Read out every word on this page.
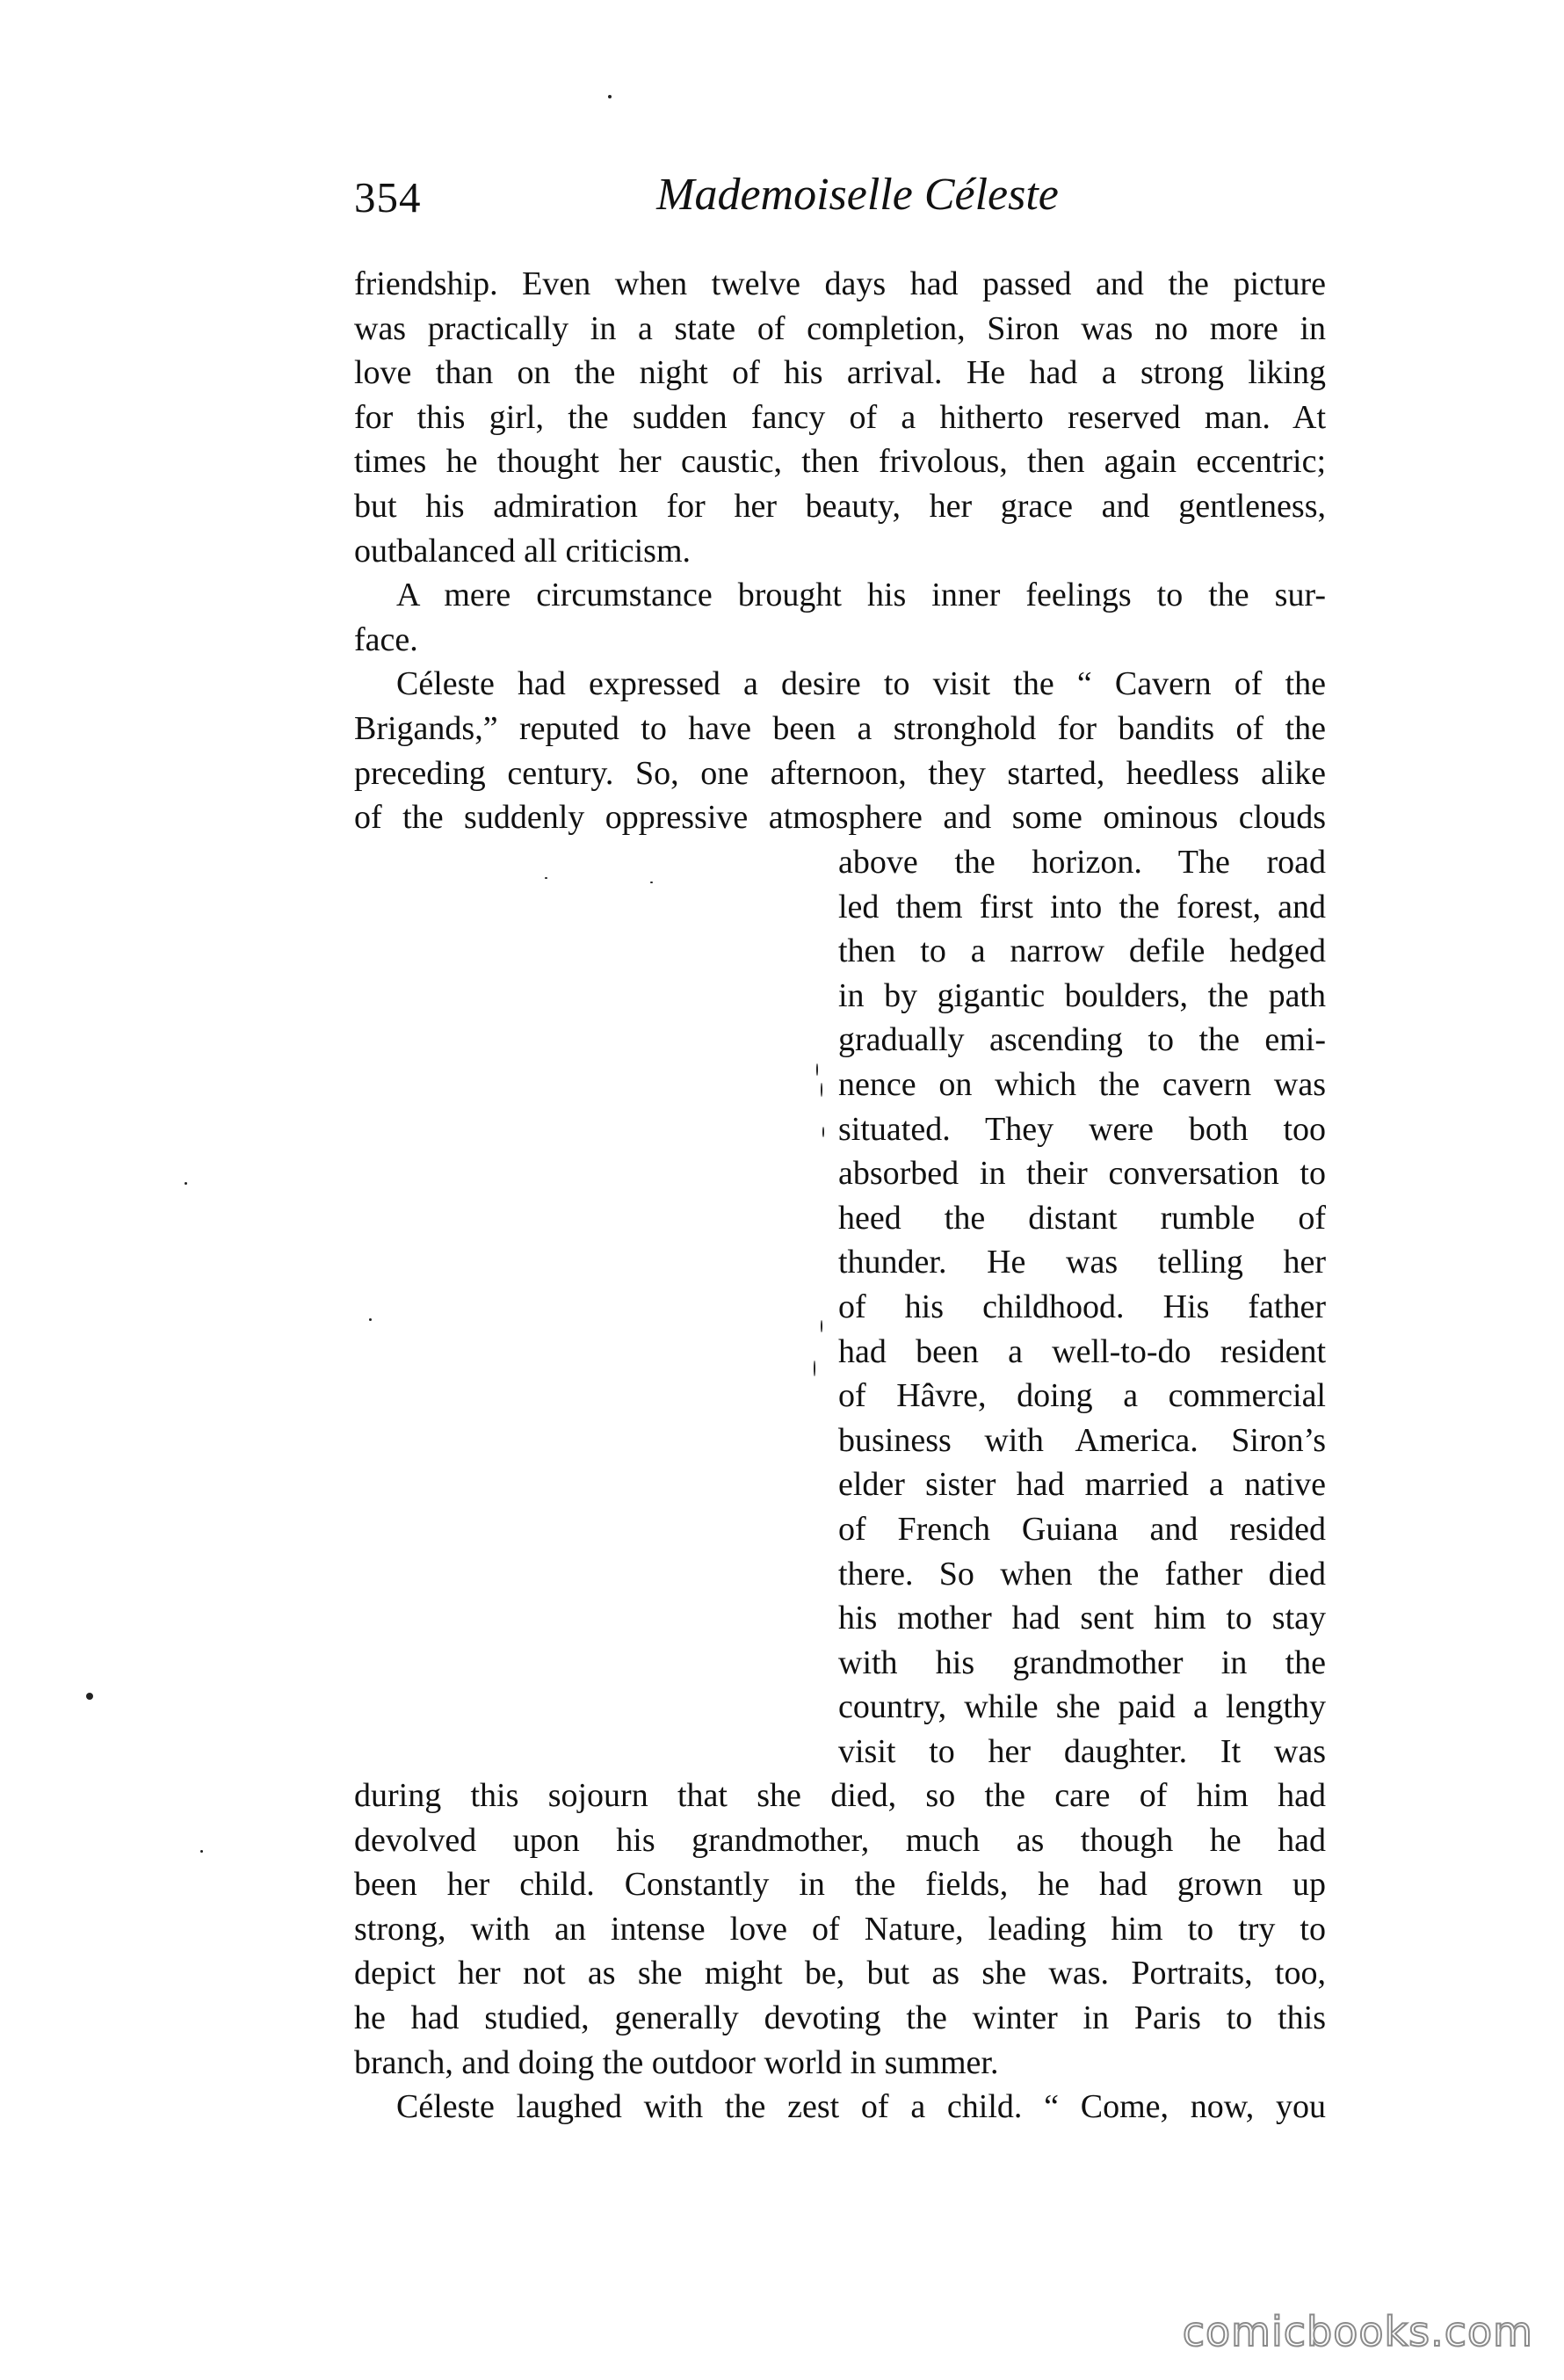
354	Mademoiselle Céleste
friendship. Even when twelve days had passed and the picture
was practically in a state of completion, Siron was no more in
love than on the night of his arrival. He had a strong liking
for this girl, the sudden fancy of a hitherto reserved man. At
times he thought her caustic, then frivolous, then again eccentric;
but his admiration for her beauty, her grace and gentleness,
outbalanced all criticism.
A mere circumstance brought his inner feelings to the sur-
face.
Céleste had expressed a desire to visit the “ Cavern of the
Brigands,” reputed to have been a stronghold for bandits of the
preceding century. So, one afternoon, they started, heedless alike
of the suddenly oppressive atmosphere and some ominous clouds
above the horizon. The road
led them first into the forest, and
then to a narrow defile hedged
in by gigantic boulders, the path
gradually ascending to the emi-
nence on which the cavern was
situated. They were both too
absorbed in their conversation to
heed the distant rumble of
thunder. He was telling her
of his childhood. His father
had been a well-to-do resident
of Hâvre, doing a commercial
business with America. Siron’s
elder sister had married a native
of French Guiana and resided
there. So when the father died
his mother had sent him to stay
with his grandmother in the
country, while she paid a lengthy
visit to her daughter. It was
during this sojourn that she died, so the care of him had
devolved upon his grandmother, much as though he had
been her child. Constantly in the fields, he had grown up
strong, with an intense love of Nature, leading him to try to
depict her not as she might be, but as she was. Portraits, too,
he had studied, generally devoting the winter in Paris to this
branch, and doing the outdoor world in summer.
Céleste laughed with the zest of a child. “ Come, now, you
comicbooks.com
